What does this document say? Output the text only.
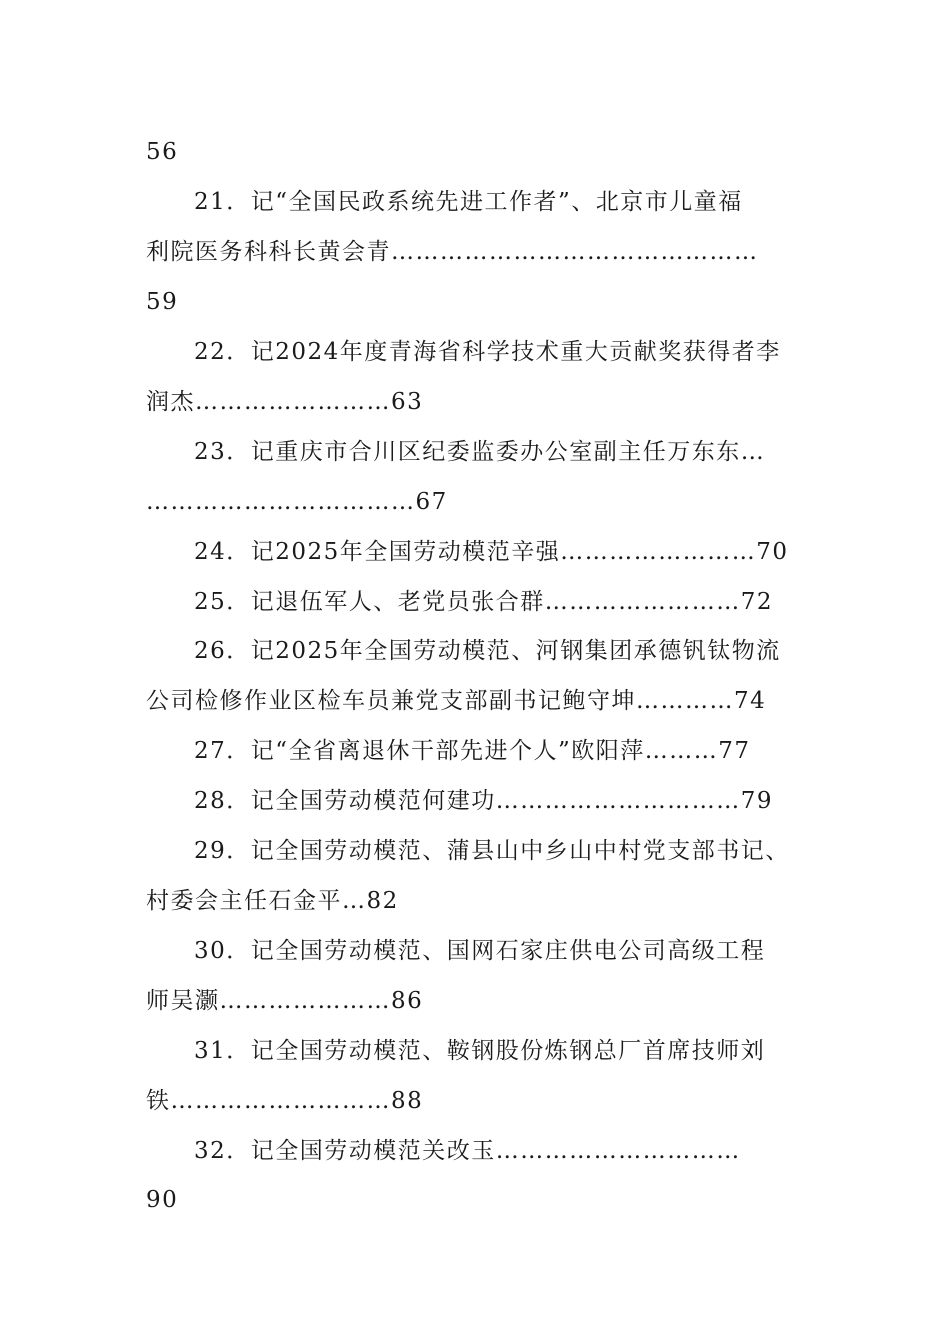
56
21．记“全国民政系统先进工作者”、北京市儿童福
利院医务科科长黄会青………………………………………
59
22．记2024年度青海省科学技术重大贡献奖获得者李
润杰……………………63
23．记重庆市合川区纪委监委办公室副主任万东东…
……………………………67
24．记2025年全国劳动模范辛强……………………70
25．记退伍军人、老党员张合群……………………72
26．记2025年全国劳动模范、河钢集团承德钒钛物流
公司检修作业区检车员兼党支部副书记鲍守坤…………74
27．记“全省离退休干部先进个人”欧阳萍………77
28．记全国劳动模范何建功…………………………79
29．记全国劳动模范、蒲县山中乡山中村党支部书记、
村委会主任石金平…82
30．记全国劳动模范、国网石家庄供电公司高级工程
师吴灏…………………86
31．记全国劳动模范、鞍钢股份炼钢总厂首席技师刘
铁………………………88
32．记全国劳动模范关改玉…………………………
90
